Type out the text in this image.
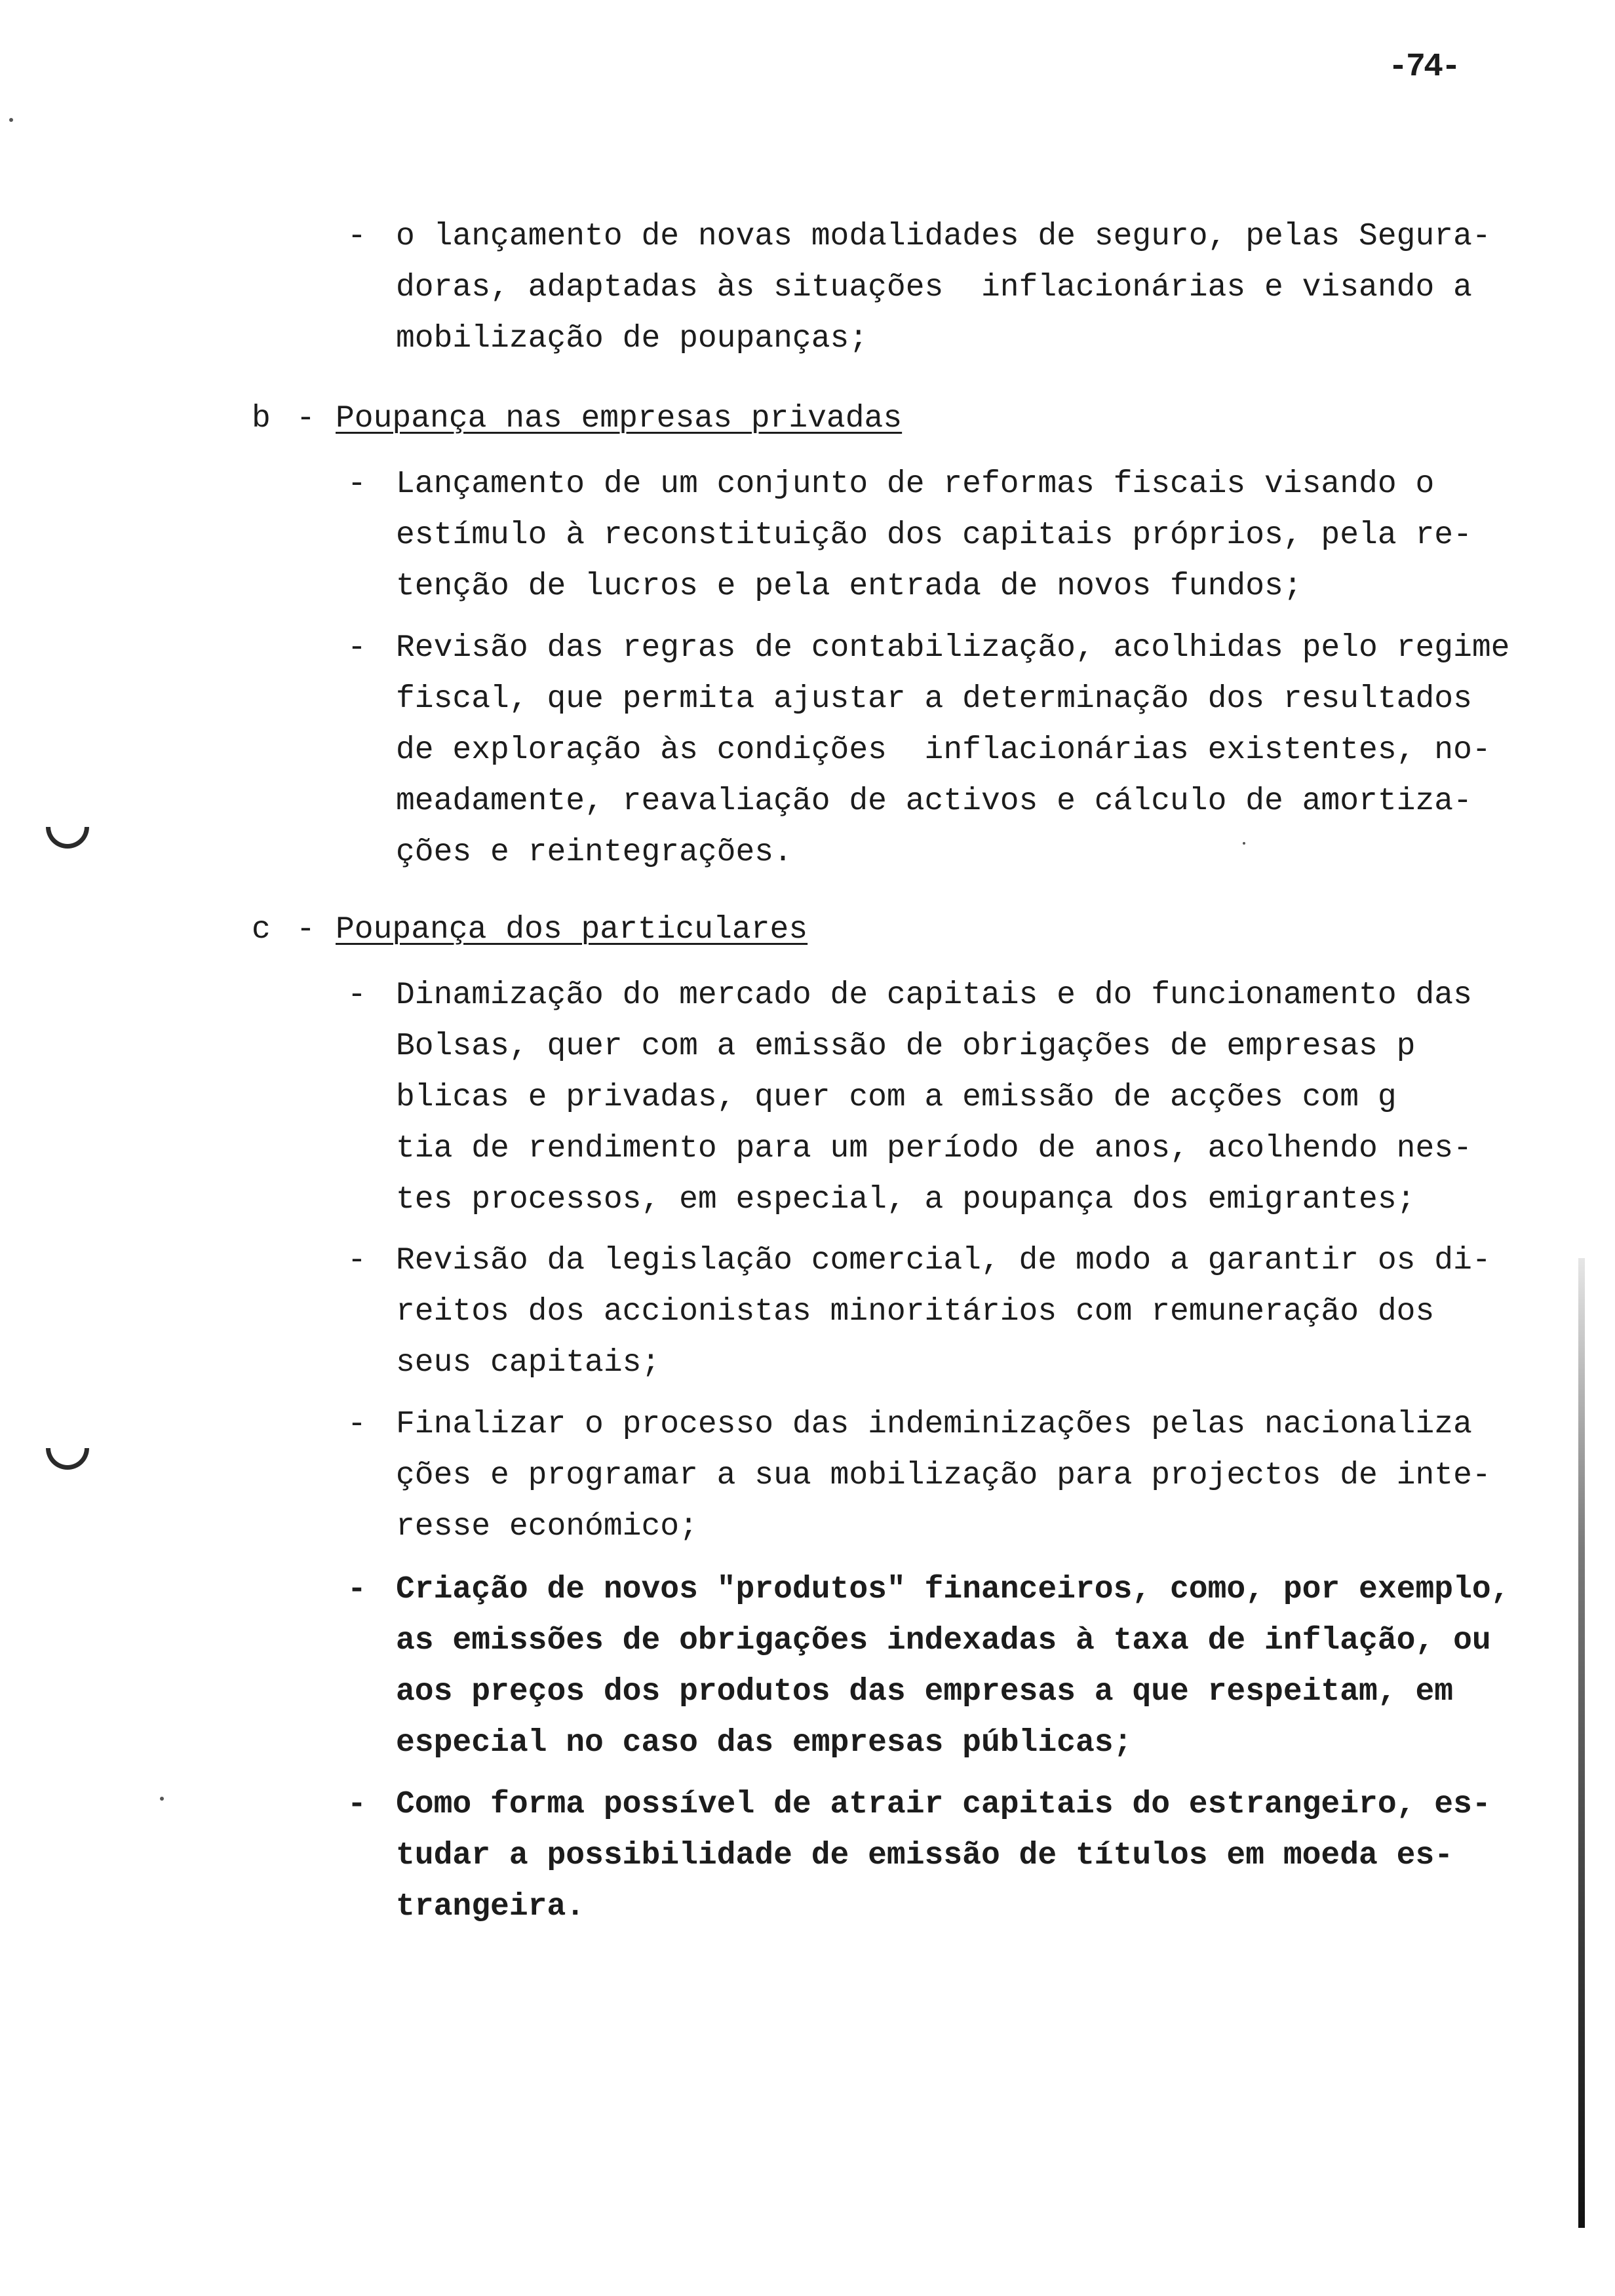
-74-
- o lançamento de novas modalidades de seguro, pelas Segura-
doras, adaptadas às situações  inflacionárias e visando a
mobilização de poupanças;
b - Poupança nas empresas privadas
- Lançamento de um conjunto de reformas fiscais visando o
estímulo à reconstituição dos capitais próprios, pela re-
tenção de lucros e pela entrada de novos fundos;
- Revisão das regras de contabilização, acolhidas pelo regime
fiscal, que permita ajustar a determinação dos resultados
de exploração às condições  inflacionárias existentes, no-
meadamente, reavaliação de activos e cálculo de amortiza-
ções e reintegrações.
c - Poupança dos particulares
- Dinamização do mercado de capitais e do funcionamento das
Bolsas, quer com a emissão de obrigações de empresas p
blicas e privadas, quer com a emissão de acções com g
tia de rendimento para um período de anos, acolhendo nes-
tes processos, em especial, a poupança dos emigrantes;
- Revisão da legislação comercial, de modo a garantir os di-
reitos dos accionistas minoritários com remuneração dos
seus capitais;
- Finalizar o processo das indeminizações pelas nacionaliza
ções e programar a sua mobilização para projectos de inte-
resse económico;
- Criação de novos "produtos" financeiros, como, por exemplo,
as emissões de obrigações indexadas à taxa de inflação, ou
aos preços dos produtos das empresas a que respeitam, em
especial no caso das empresas públicas;
- Como forma possível de atrair capitais do estrangeiro, es-
tudar a possibilidade de emissão de títulos em moeda es-
trangeira.
